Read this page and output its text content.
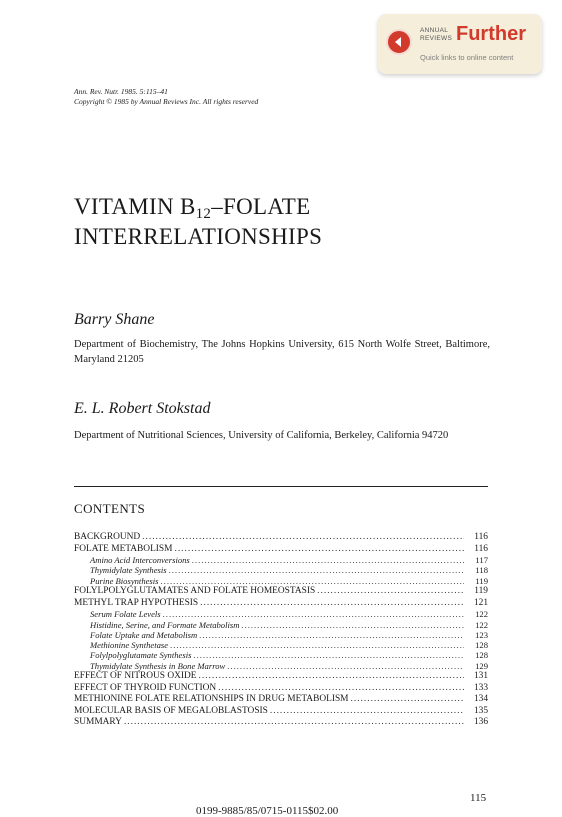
ANNUAL
REVIEWS Further
Quick links to online content
Ann. Rev. Nutr. 1985. 5:115–41
Copyright © 1985 by Annual Reviews Inc. All rights reserved
VITAMIN $B_{12}$–FOLATE
INTERRELATIONSHIPS
Barry Shane
Department of Biochemistry, The Johns Hopkins University, 615 North Wolfe Street, Baltimore, Maryland 21205
E. L. Robert Stokstad
Department of Nutritional Sciences, University of California, Berkeley, California 94720
CONTENTS
BACKGROUND .....	116
FOLATE METABOLISM .....	116
Amino Acid Interconversions .....	117
Thymidylate Synthesis .....	118
Purine Biosynthesis .....	119
FOLYLPOLYGLUTAMATES AND FOLATE HOMEOSTASIS .....	119
METHYL TRAP HYPOTHESIS .....	121
Serum Folate Levels .....	122
Histidine, Serine, and Formate Metabolism .....	122
Folate Uptake and Metabolism .....	123
Methionine Synthetase .....	128
Folylpolyglutamate Synthesis .....	128
Thymidylate Synthesis in Bone Marrow .....	129
EFFECT OF NITROUS OXIDE .....	131
EFFECT OF THYROID FUNCTION .....	133
METHIONINE FOLATE RELATIONSHIPS IN DRUG METABOLISM .....	134
MOLECULAR BASIS OF MEGALOBLASTOSIS .....	135
SUMMARY .....	136
115
0199-9885/85/0715-0115$02.00
